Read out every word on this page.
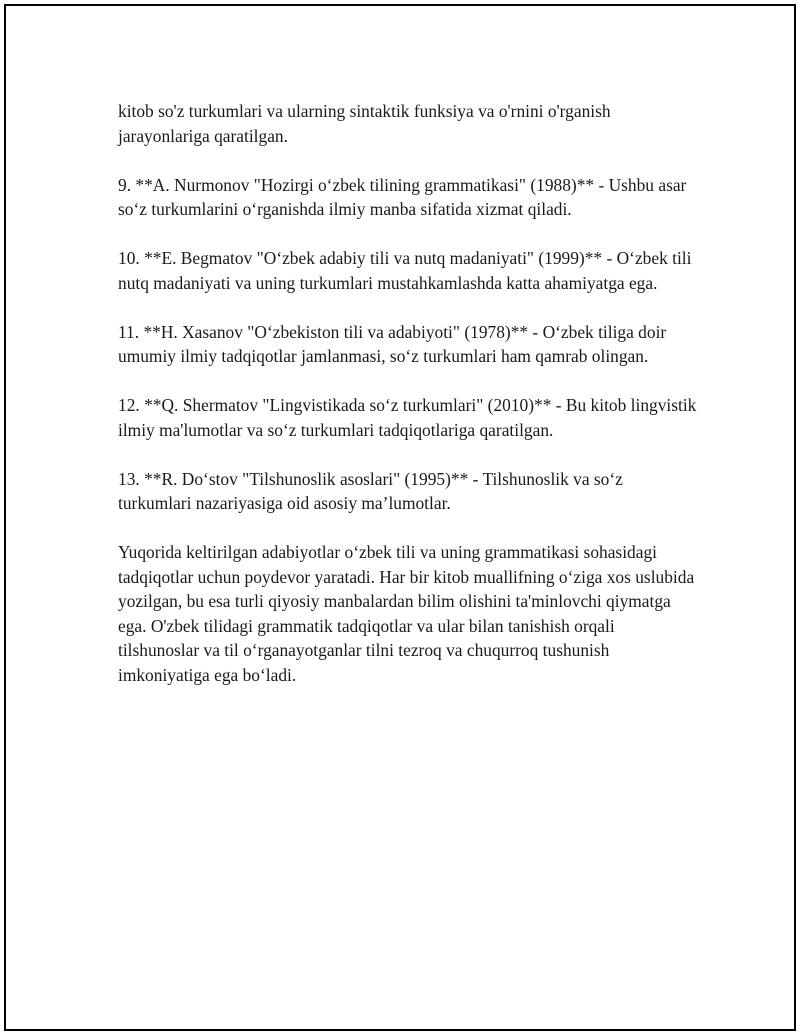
kitob so'z turkumlari va ularning sintaktik funksiya va o'rnini o'rganish jarayonlariga qaratilgan.

9. **A. Nurmonov "Hozirgi o‘zbek tilining grammatikasi" (1988)** - Ushbu asar so‘z turkumlarini o‘rganishda ilmiy manba sifatida xizmat qiladi.

10. **E. Begmatov "O‘zbek adabiy tili va nutq madaniyati" (1999)** - O‘zbek tili nutq madaniyati va uning turkumlari mustahkamlashda katta ahamiyatga ega.

11. **H. Xasanov "O‘zbekiston tili va adabiyoti" (1978)** - O‘zbek tiliga doir umumiy ilmiy tadqiqotlar jamlanmasi, so‘z turkumlari ham qamrab olingan.

12. **Q. Shermatov "Lingvistikada so‘z turkumlari" (2010)** - Bu kitob lingvistik ilmiy ma'lumotlar va so‘z turkumlari tadqiqotlariga qaratilgan.

13. **R. Do‘stov "Tilshunoslik asoslari" (1995)** - Tilshunoslik va so‘z turkumlari nazariyasiga oid asosiy ma’lumotlar.

Yuqorida keltirilgan adabiyotlar o‘zbek tili va uning grammatikasi sohasidagi tadqiqotlar uchun poydevor yaratadi. Har bir kitob muallifning o‘ziga xos uslubida yozilgan, bu esa turli qiyosiy manbalardan bilim olishini ta'minlovchi qiymatga ega. O'zbek tilidagi grammatik tadqiqotlar va ular bilan tanishish orqali tilshunoslar va til o‘rganayotganlar tilni tezroq va chuqurroq tushunish imkoniyatiga ega bo‘ladi.
